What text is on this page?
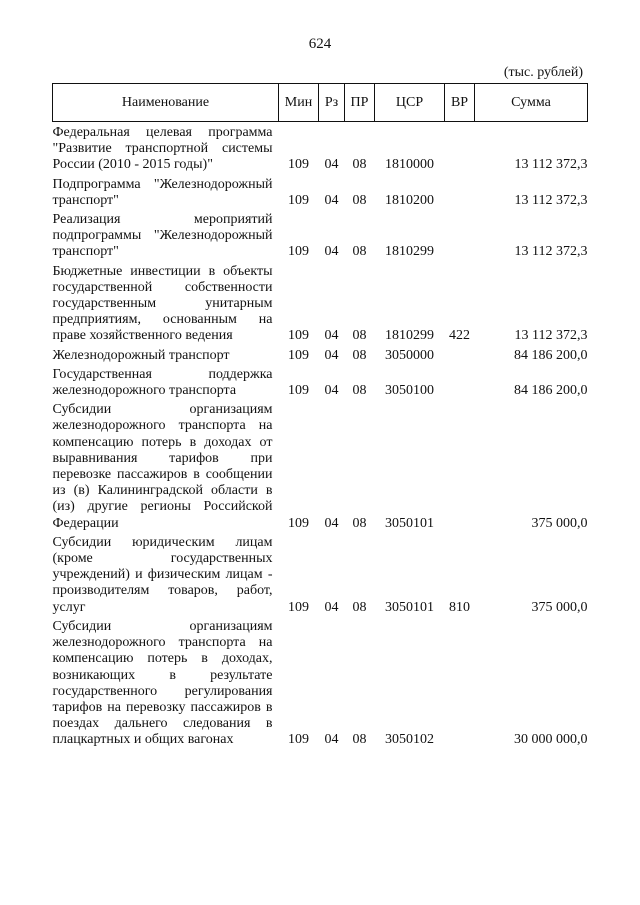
624
(тыс. рублей)
Наименование	Мин	Рз	ПР	ЦСР	ВР	Сумма
Федеральная целевая программа "Развитие транспортной системы России (2010 - 2015 годы)"	109	04	08	1810000		13 112 372,3
Подпрограмма "Железнодорожный транспорт"	109	04	08	1810200		13 112 372,3
Реализация мероприятий подпрограммы "Железнодорожный транспорт"	109	04	08	1810299		13 112 372,3
Бюджетные инвестиции в объекты государственной собственности государственным унитарным предприятиям, основанным на праве хозяйственного ведения	109	04	08	1810299	422	13 112 372,3
Железнодорожный транспорт	109	04	08	3050000		84 186 200,0
Государственная поддержка железнодорожного транспорта	109	04	08	3050100		84 186 200,0
Субсидии организациям железнодорожного транспорта на компенсацию потерь в доходах от выравнивания тарифов при перевозке пассажиров в сообщении из (в) Калининградской области в (из) другие регионы Российской Федерации	109	04	08	3050101		375 000,0
Субсидии юридическим лицам (кроме государственных учреждений) и физическим лицам - производителям товаров, работ, услуг	109	04	08	3050101	810	375 000,0
Субсидии организациям железнодорожного транспорта на компенсацию потерь в доходах, возникающих в результате государственного регулирования тарифов на перевозку пассажиров в поездах дальнего следования в плацкартных и общих вагонах	109	04	08	3050102		30 000 000,0
